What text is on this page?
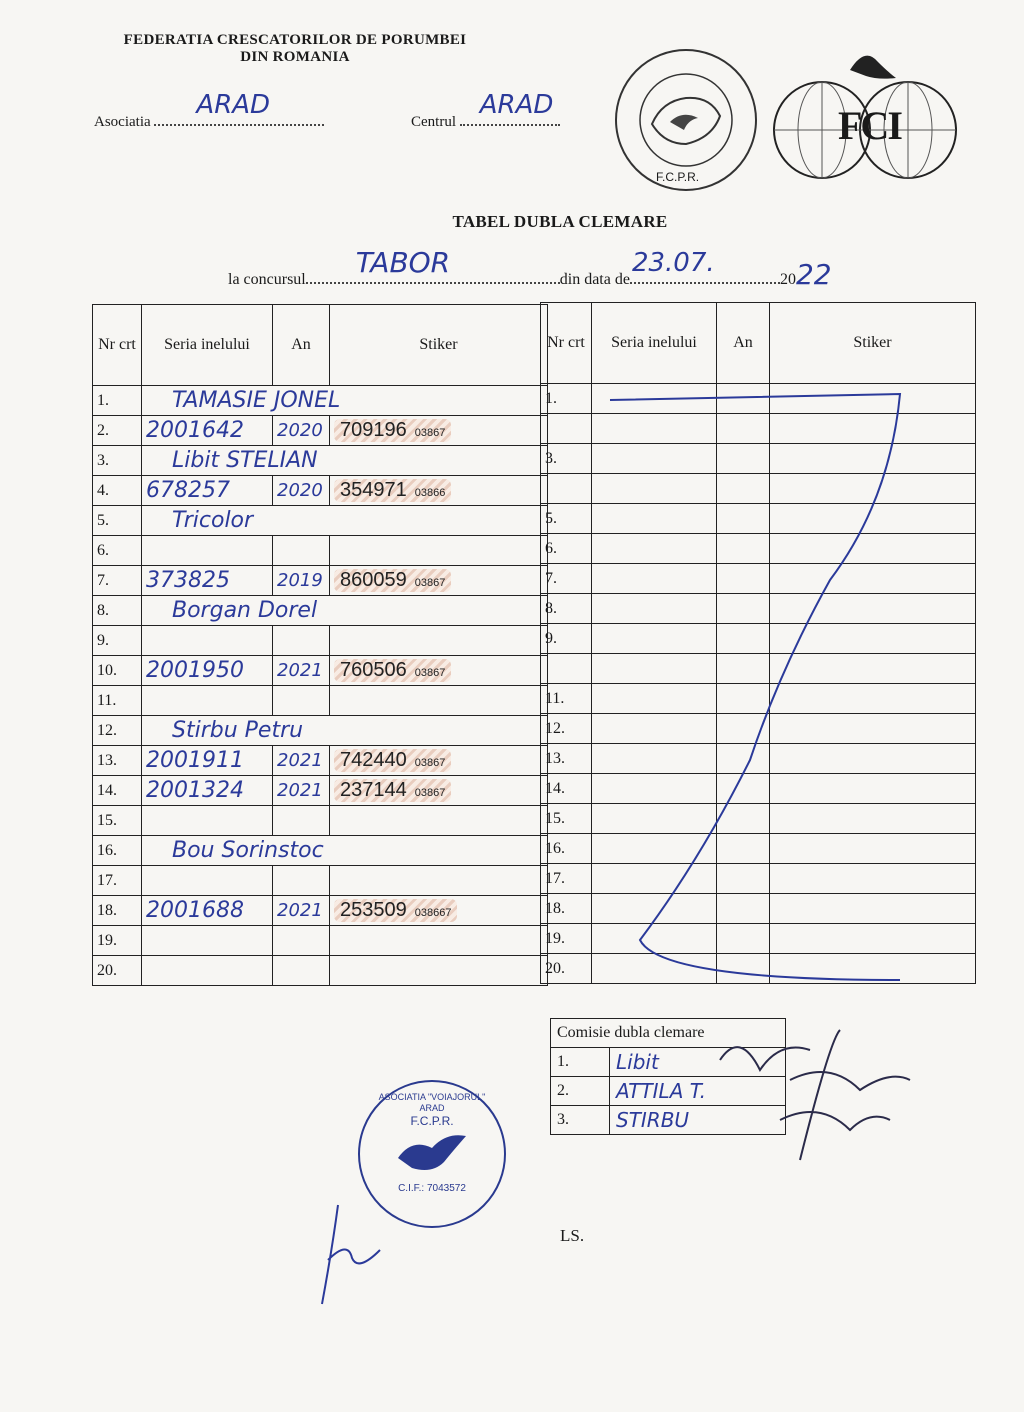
FEDERATIA CRESCATORILOR DE PORUMBEI
DIN ROMANIA
Asociatia
ARAD
Centrul
ARAD
F.C.P.R.
FCI
TABEL DUBLA CLEMARE
la concursul
TABOR
din data de
23.07.
2022
Nr crt	Seria inelului	An	Stiker
1.	TAMASIE JONEL		
2.	2001642	2020	709196 03867
3.	Libit STELIAN		
4.	678257	2020	354971 03866
5.	Tricolor		
6.			
7.	373825	2019	860059 03867
8.	Borgan Dorel		
9.			
10.	2001950	2021	760506 03867
11.			
12.	Stirbu Petru		
13.	2001911	2021	742440 03867
14.	2001324	2021	237144 03867
15.			
16.	Bou Sorinstoc		
17.			
18.	2001688	2021	253509 038667
19.			
20.			
Nr crt	Seria inelului	An	Stiker
1.			

3.			

5.			
6.			
7.			
8.			
9.			

11.			
12.			
13.			
14.			
15.			
16.			
17.			
18.			
19.			
20.			
Comisie dubla clemare	
1.	Libit
2.	ATTILA T.
3.	STIRBU
ASOCIATIA "VOIAJORUL" ARAD
F.C.P.R.
C.I.F.: 7043572
LS.
